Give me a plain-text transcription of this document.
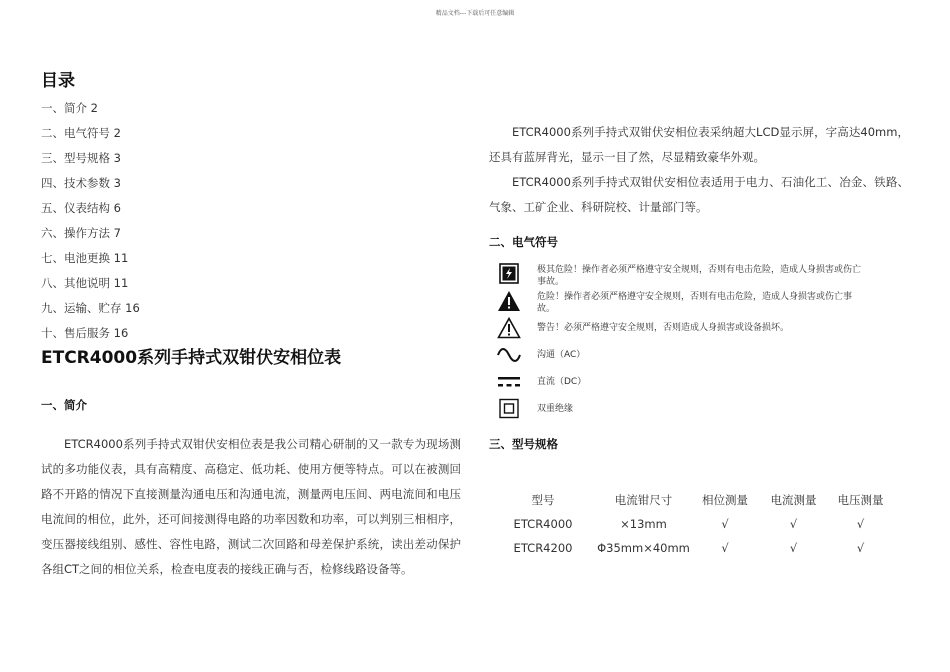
精品文档---下载后可任意编辑
目录
一、简介 2
二、电气符号 2
三、型号规格 3
四、技术参数 3
五、仪表结构 6
六、操作方法 7
七、电池更换 11
八、其他说明 11
九、运输、贮存 16
十、售后服务 16
ETCR4000系列手持式双钳伏安相位表
一、简介

ETCR4000系列手持式双钳伏安相位表是我公司精心研制的又一款专为现场测试的多功能仪表，具有高精度、高稳定、低功耗、使用方便等特点。可以在被测回路不开路的情况下直接测量沟通电压和沟通电流，测量两电压间、两电流间和电压电流间的相位，此外，还可间接测得电路的功率因数和功率，可以判别三相相序，变压器接线组别、感性、容性电路，测试二次回路和母差保护系统，读出差动保护各组CT之间的相位关系，检查电度表的接线正确与否，检修线路设备等。

ETCR4000系列手持式双钳伏安相位表采纳超大LCD显示屏，字高达40mm，还具有蓝屏背光，显示一目了然，尽显精致豪华外观。

ETCR4000系列手持式双钳伏安相位表适用于电力、石油化工、冶金、铁路、气象、工矿企业、科研院校、计量部门等。

二、电气符号
极其危险！操作者必须严格遵守安全规则，否则有电击危险，造成人身损害或伤亡事故。
危险！操作者必须严格遵守安全规则，否则有电击危险，造成人身损害或伤亡事故。
警告！必须严格遵守安全规则，否则造成人身损害或设备损坏。
沟通（AC）
直流（DC）
双重绝缘
三、型号规格
型号	电流钳尺寸	相位测量	电流测量	电压测量
ETCR4000	×13mm	√	√	√
ETCR4200	Φ35mm×40mm	√	√	√
